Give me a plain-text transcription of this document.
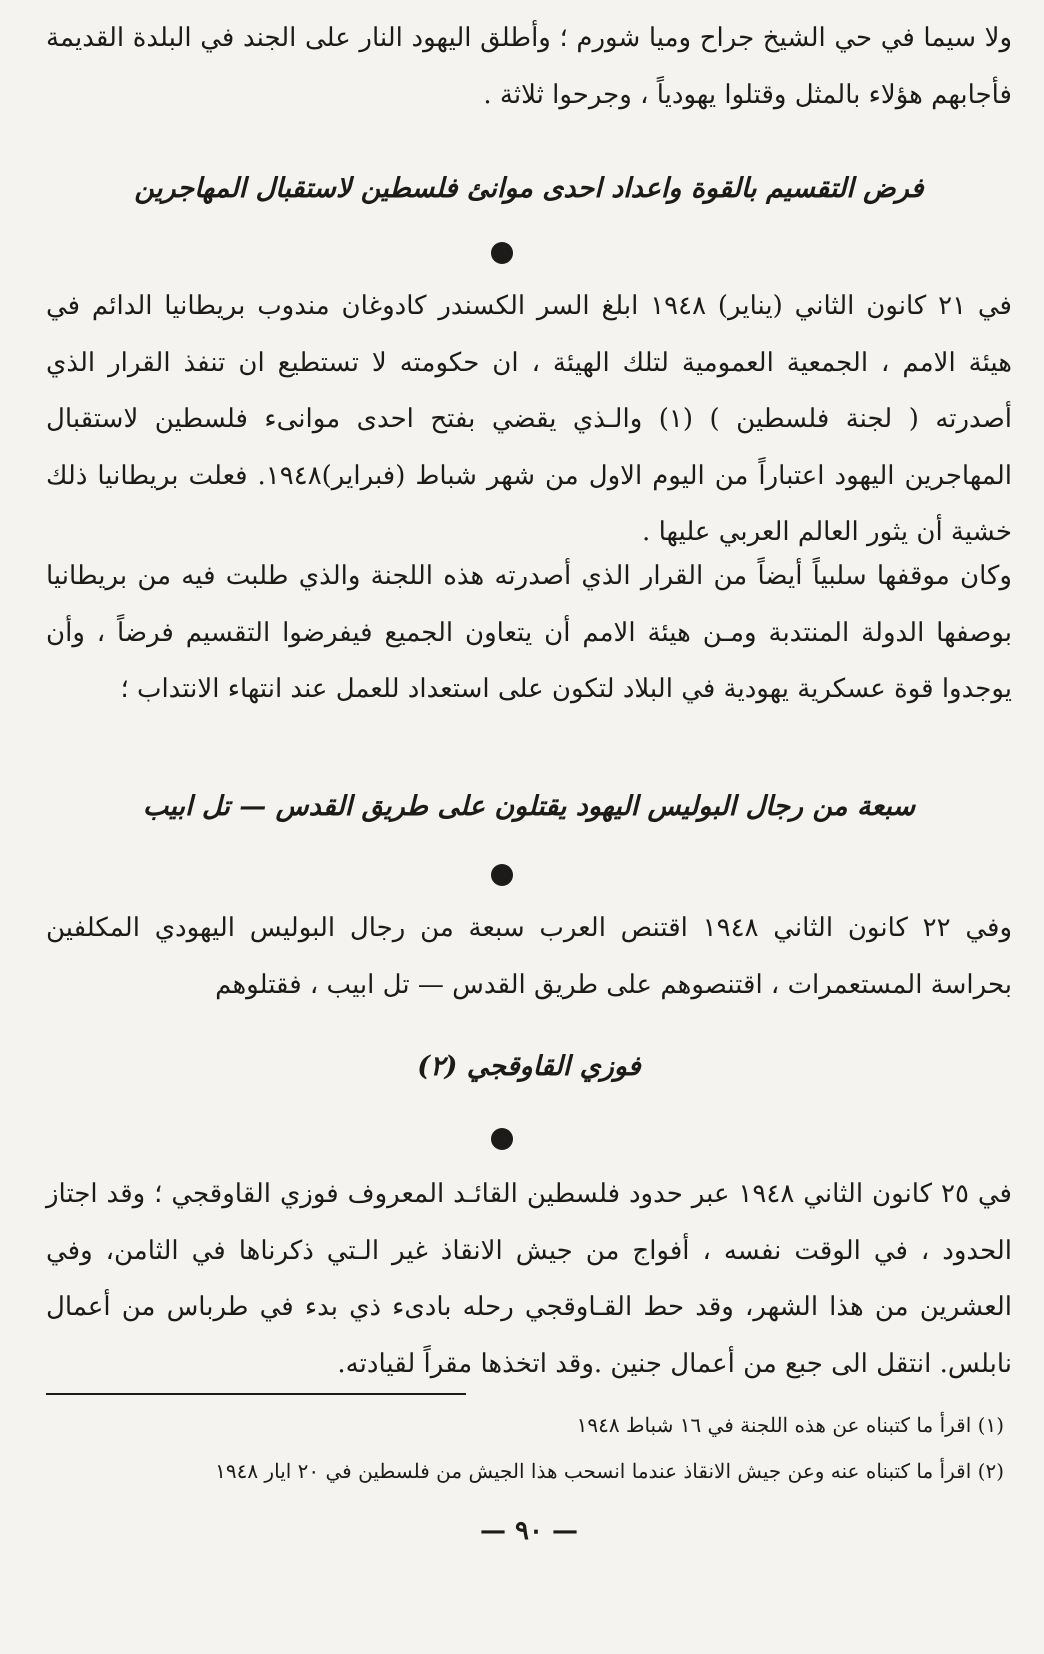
ولا سيما في حي الشيخ جراح وميا شورم ؛ وأطلق اليهود النار على الجند في البلدة القديمة فأجابهم هؤلاء بالمثل وقتلوا يهودياً ، وجرحوا ثلاثة .

فرض التقسيم بالقوة واعداد احدى موانئ فلسطين لاستقبال المهاجرين

في ٢١ كانون الثاني (يناير) ١٩٤٨ ابلغ السر الكسندر كادوغان مندوب بريطانيا الدائم في هيئة الامم ، الجمعية العمومية لتلك الهيئة ، ان حكومته لا تستطيع ان تنفذ القرار الذي أصدرته ( لجنة فلسطين ) (١) والـذي يقضي بفتح احدى موانىء فلسطين لاستقبال المهاجرين اليهود اعتباراً من اليوم الاول من شهر شباط (فبراير)١٩٤٨. فعلت بريطانيا ذلك خشية أن يثور العالم العربي عليها .

وكان موقفها سلبياً أيضاً من القرار الذي أصدرته هذه اللجنة والذي طلبت فيه من بريطانيا بوصفها الدولة المنتدبة ومـن هيئة الامم أن يتعاون الجميع فيفرضوا التقسيم فرضاً ، وأن يوجدوا قوة عسكرية يهودية في البلاد لتكون على استعداد للعمل عند انتهاء الانتداب ؛

سبعة من رجال البوليس اليهود يقتلون على طريق القدس — تل ابيب

وفي ٢٢ كانون الثاني ١٩٤٨ اقتنص العرب سبعة من رجال البوليس اليهودي المكلفين بحراسة المستعمرات ، اقتنصوهم على طريق القدس — تل ابيب ، فقتلوهم

فوزي القاوقجي (٢)

في ٢٥ كانون الثاني ١٩٤٨ عبر حدود فلسطين القائـد المعروف فوزي القاوقجي ؛ وقد اجتاز الحدود ، في الوقت نفسه ، أفواج من جيش الانقاذ غير الـتي ذكرناها في الثامن، وفي العشرين من هذا الشهر، وقد حط القـاوقجي رحله بادىء ذي بدء في طرباس من أعمال نابلس. انتقل الى جبع من أعمال جنين .وقد اتخذها مقراً لقيادته.

(١) اقرأ ما كتبناه عن هذه اللجنة في ١٦ شباط ١٩٤٨

(٢) اقرأ ما كتبناه عنه وعن جيش الانقاذ عندما انسحب هذا الجيش من فلسطين في ٢٠ ايار ١٩٤٨

— ٩٠ —
